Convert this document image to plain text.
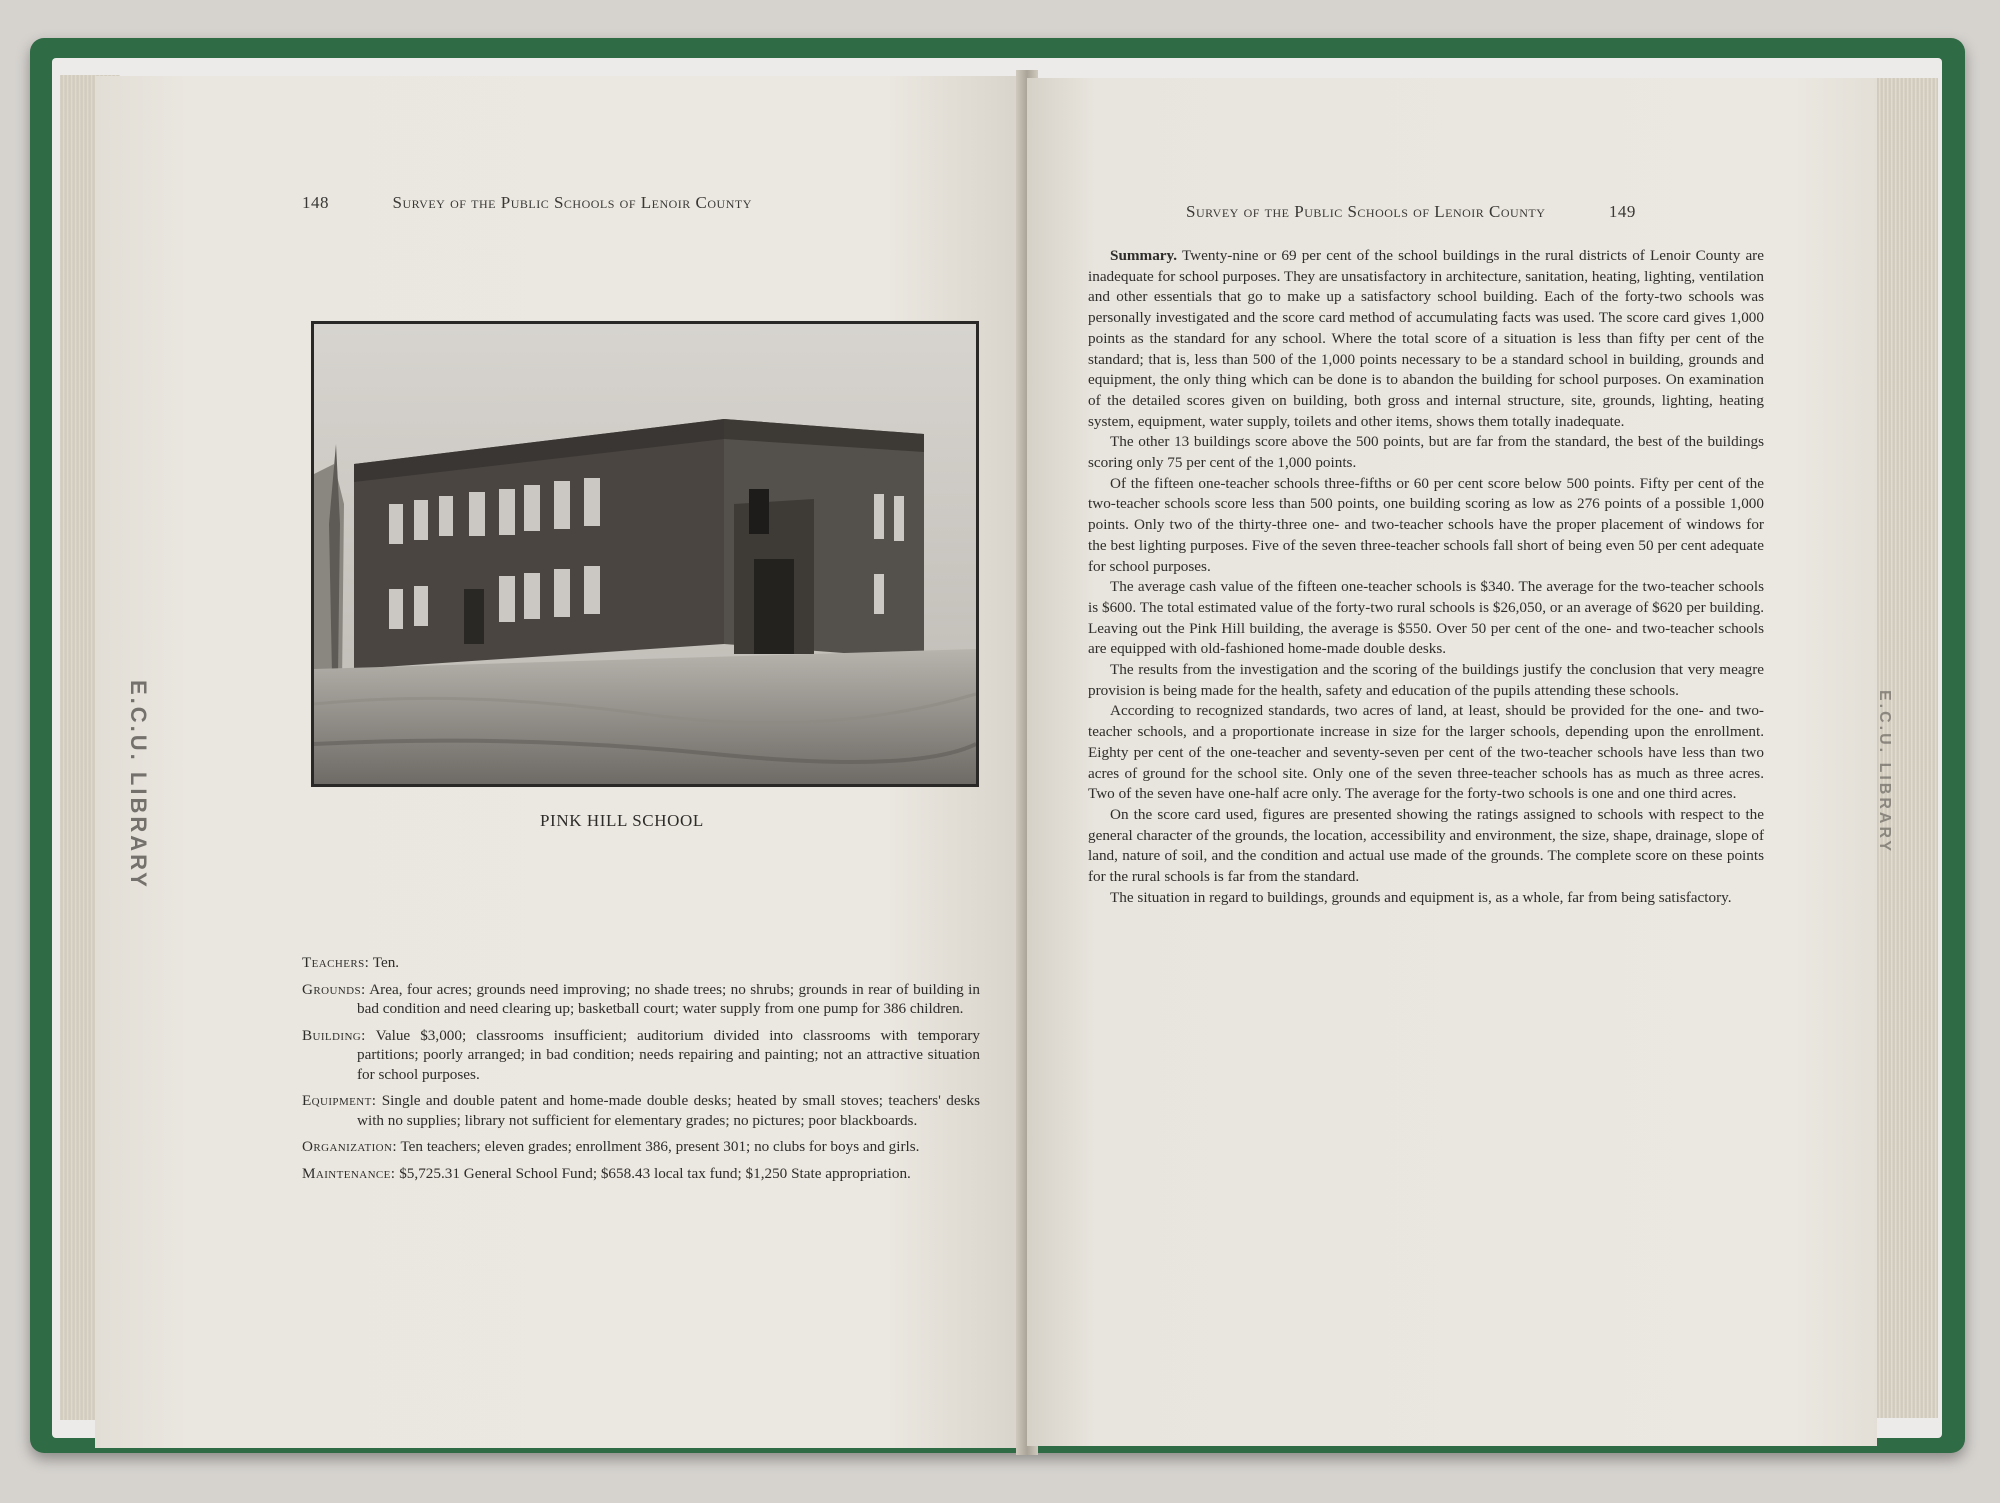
E.C.U. LIBRARY	E.C.U. LIBRARY
148	Survey of the Public Schools of Lenoir County
PINK HILL SCHOOL
Teachers: Ten.
Grounds: Area, four acres; grounds need improving; no shade trees; no shrubs; grounds in rear of building in bad condition and need clearing up; basketball court; water supply from one pump for 386 children.
Building: Value $3,000; classrooms insufficient; auditorium divided into classrooms with temporary partitions; poorly arranged; in bad condition; needs repairing and painting; not an attractive situation for school purposes.
Equipment: Single and double patent and home-made double desks; heated by small stoves; teachers' desks with no supplies; library not sufficient for elementary grades; no pictures; poor blackboards.
Organization: Ten teachers; eleven grades; enrollment 386, present 301; no clubs for boys and girls.
Maintenance: $5,725.31 General School Fund; $658.43 local tax fund; $1,250 State appropriation.
Survey of the Public Schools of Lenoir County	149

Summary. Twenty-nine or 69 per cent of the school buildings in the rural districts of Lenoir County are inadequate for school purposes. They are unsatisfactory in architecture, sanitation, heating, lighting, ventilation and other essentials that go to make up a satisfactory school building. Each of the forty-two schools was personally investigated and the score card method of accumulating facts was used. The score card gives 1,000 points as the standard for any school. Where the total score of a situation is less than fifty per cent of the standard; that is, less than 500 of the 1,000 points necessary to be a standard school in building, grounds and equipment, the only thing which can be done is to abandon the building for school purposes. On examination of the detailed scores given on building, both gross and internal structure, site, grounds, lighting, heating system, equipment, water supply, toilets and other items, shows them totally inadequate.

The other 13 buildings score above the 500 points, but are far from the standard, the best of the buildings scoring only 75 per cent of the 1,000 points.

Of the fifteen one-teacher schools three-fifths or 60 per cent score below 500 points. Fifty per cent of the two-teacher schools score less than 500 points, one building scoring as low as 276 points of a possible 1,000 points. Only two of the thirty-three one- and two-teacher schools have the proper placement of windows for the best lighting purposes. Five of the seven three-teacher schools fall short of being even 50 per cent adequate for school purposes.

The average cash value of the fifteen one-teacher schools is $340. The average for the two-teacher schools is $600. The total estimated value of the forty-two rural schools is $26,050, or an average of $620 per building. Leaving out the Pink Hill building, the average is $550. Over 50 per cent of the one- and two-teacher schools are equipped with old-fashioned home-made double desks.

The results from the investigation and the scoring of the buildings justify the conclusion that very meagre provision is being made for the health, safety and education of the pupils attending these schools.

According to recognized standards, two acres of land, at least, should be provided for the one- and two-teacher schools, and a proportionate increase in size for the larger schools, depending upon the enrollment. Eighty per cent of the one-teacher and seventy-seven per cent of the two-teacher schools have less than two acres of ground for the school site. Only one of the seven three-teacher schools has as much as three acres. Two of the seven have one-half acre only. The average for the forty-two schools is one and one third acres.

On the score card used, figures are presented showing the ratings assigned to schools with respect to the general character of the grounds, the location, accessibility and environment, the size, shape, drainage, slope of land, nature of soil, and the condition and actual use made of the grounds. The complete score on these points for the rural schools is far from the standard.

The situation in regard to buildings, grounds and equipment is, as a whole, far from being satisfactory.
